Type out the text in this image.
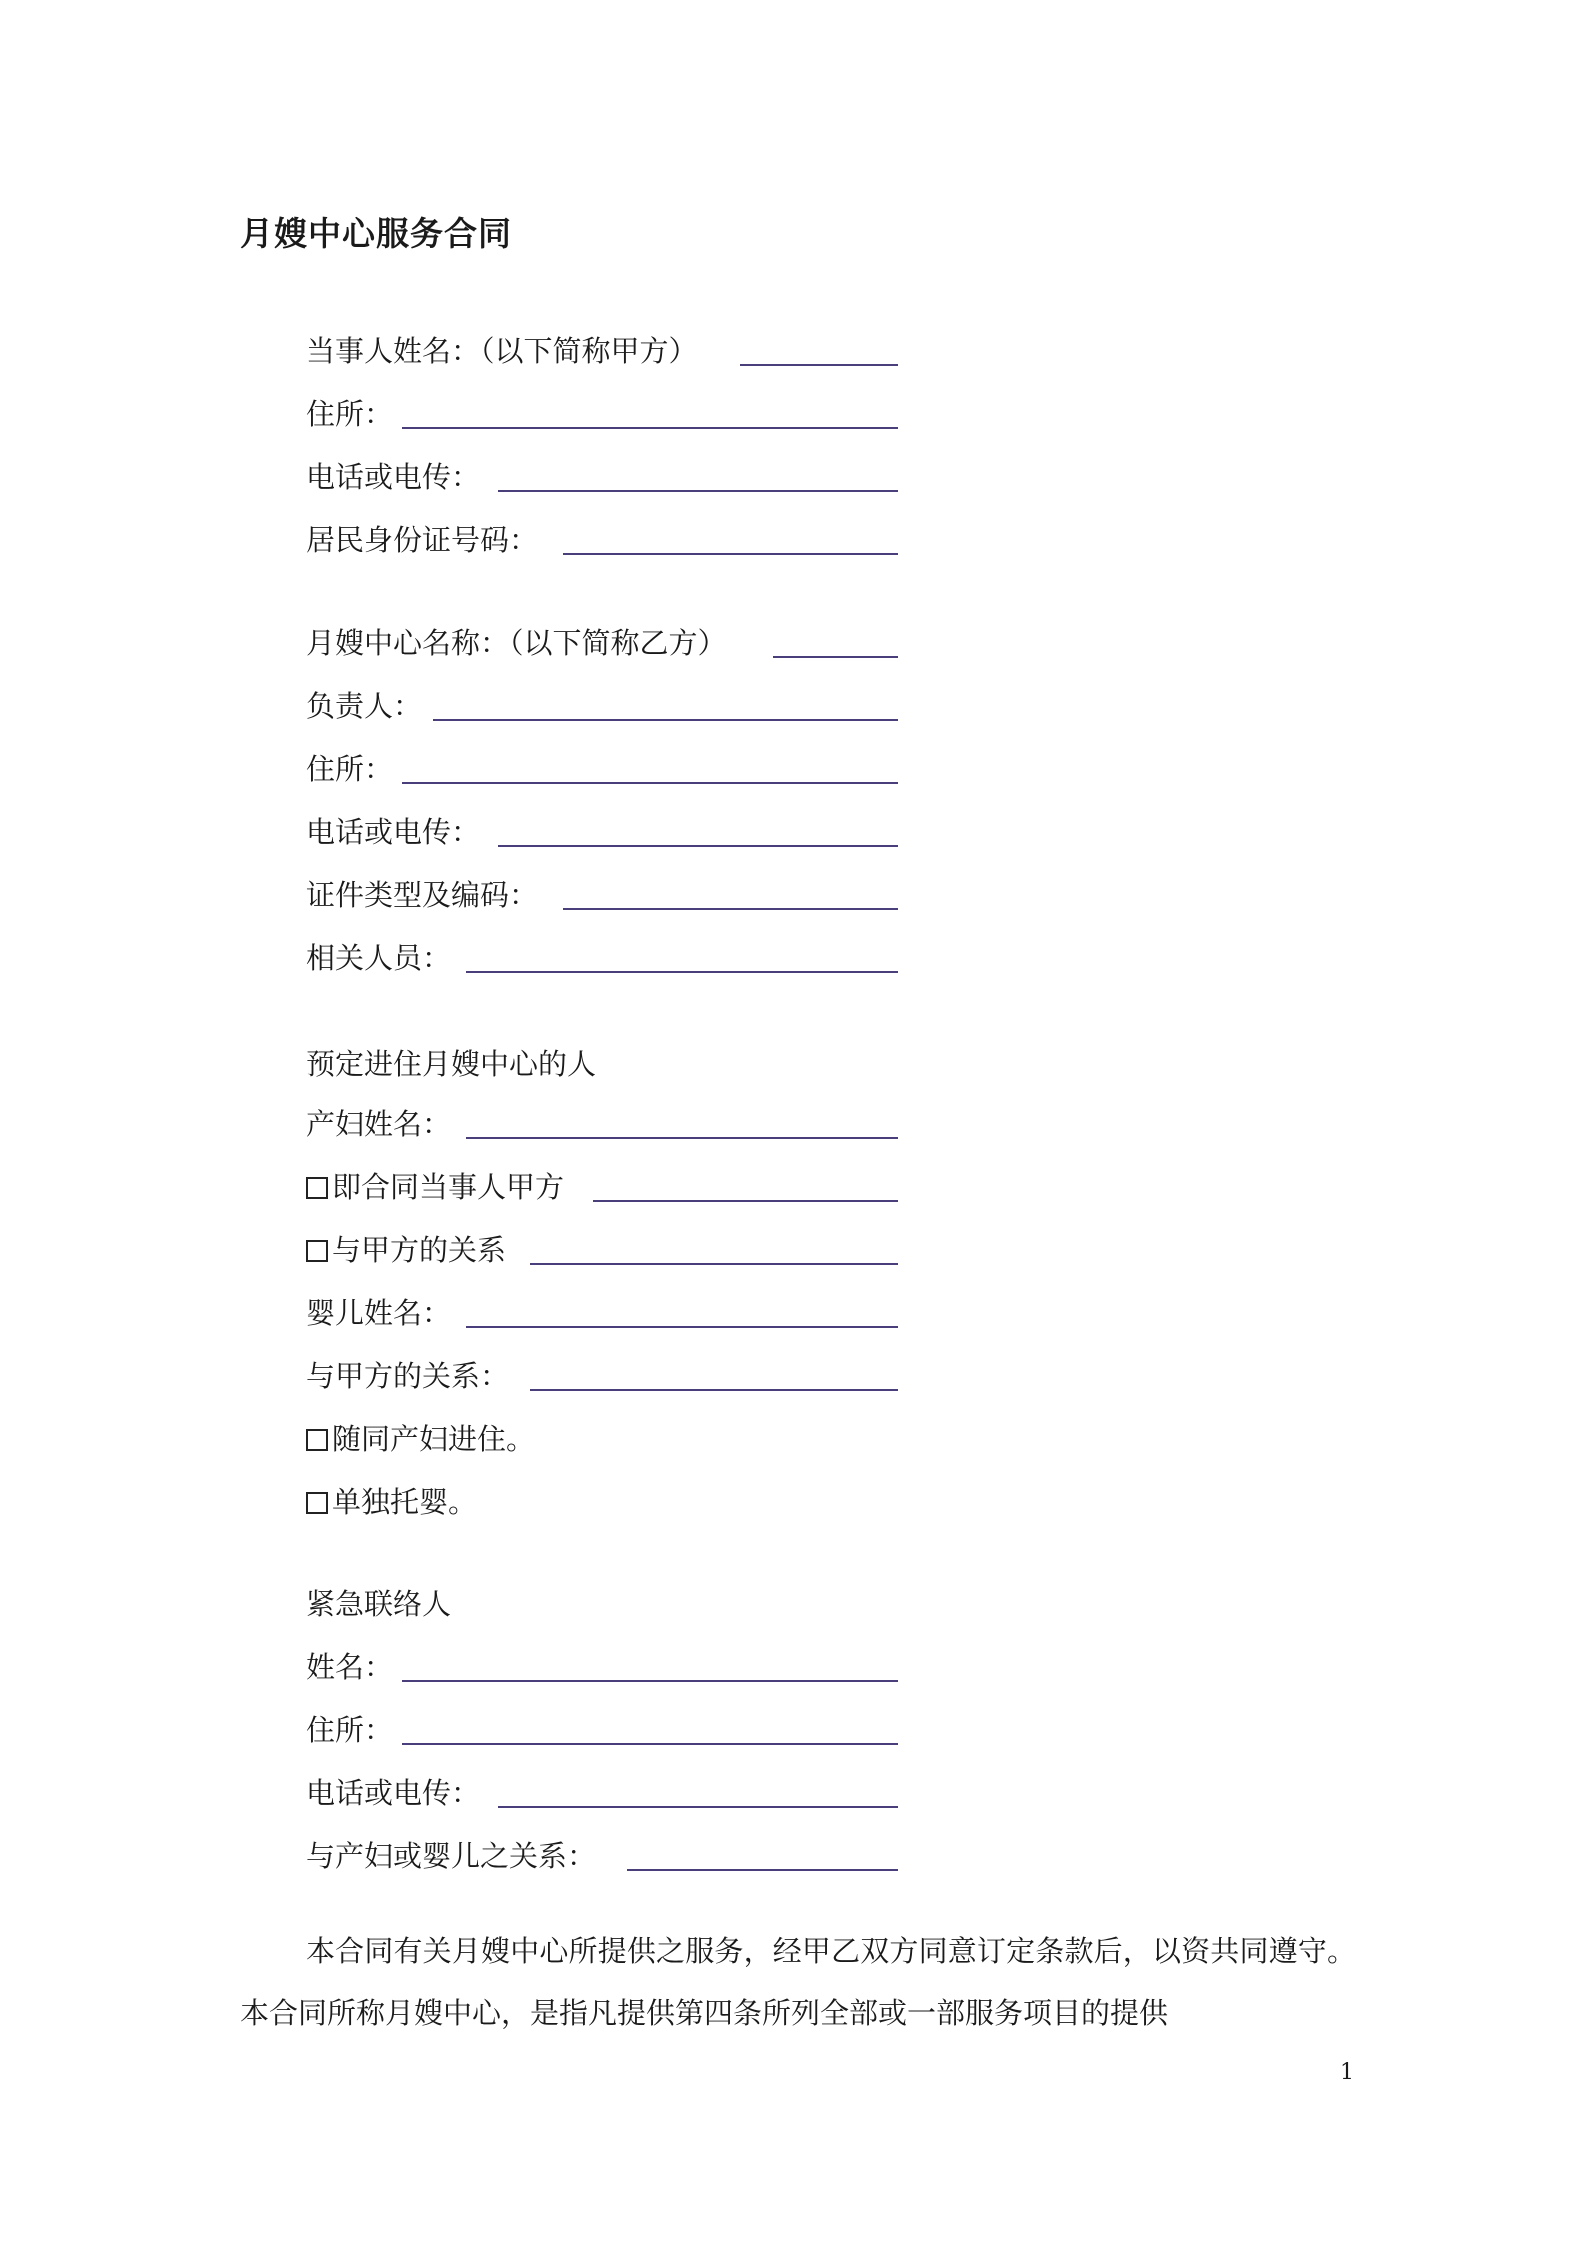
月嫂中心服务合同
当事人姓名：（以下简称甲方）
住所：
电话或电传：
居民身份证号码：
月嫂中心名称：（以下简称乙方）
负责人：
住所：
电话或电传：
证件类型及编码：
相关人员：
预定进住月嫂中心的人
产妇姓名：
即合同当事人甲方
与甲方的关系
婴儿姓名：
与甲方的关系：
随同产妇进住。
单独托婴。
紧急联络人
姓名：
住所：
电话或电传：
与产妇或婴儿之关系：
本合同有关月嫂中心所提供之服务，经甲乙双方同意订定条款后，以资共同遵守。本合同所称月嫂中心，是指凡提供第四条所列全部或一部服务项目的提供
1
